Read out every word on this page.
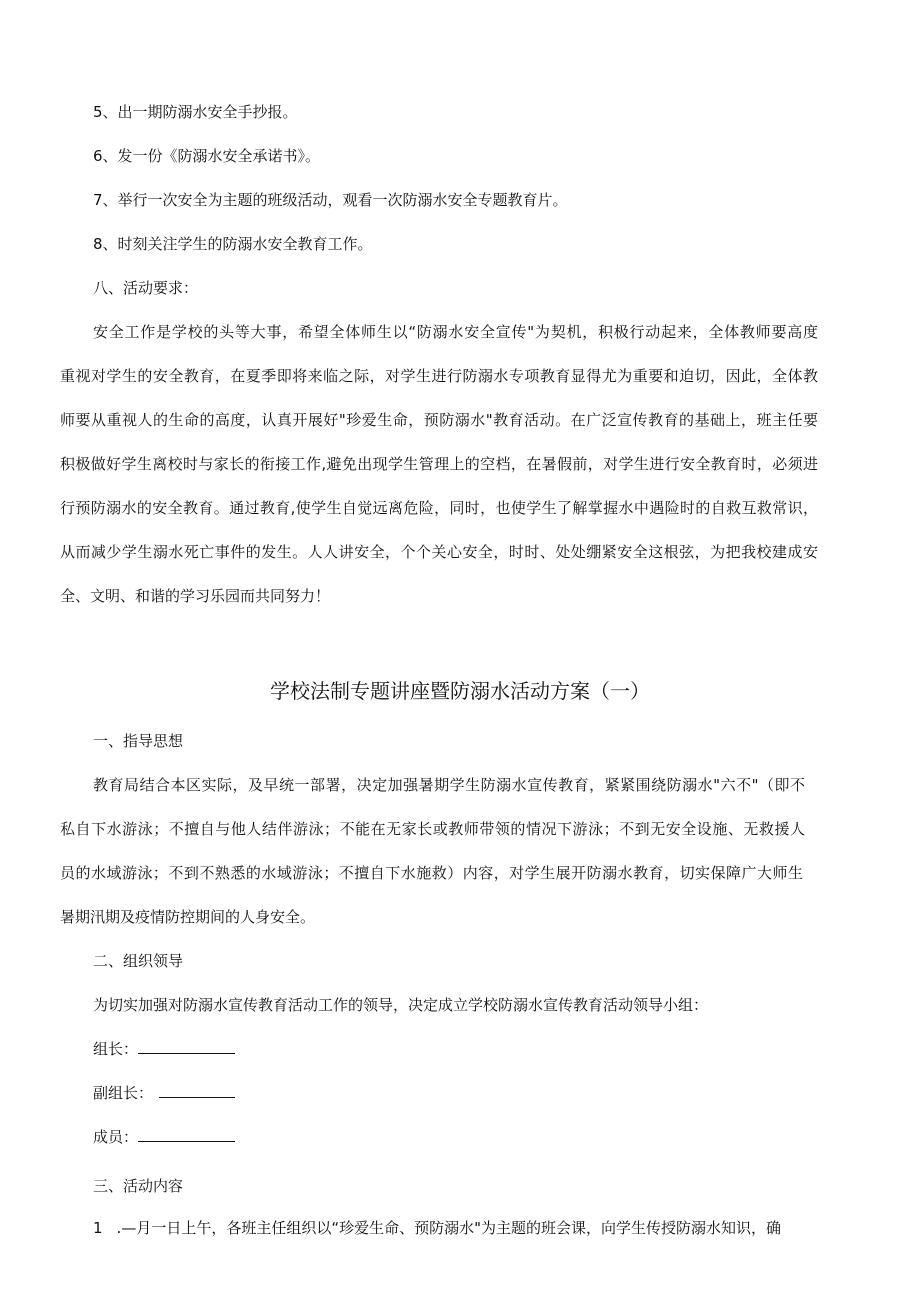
5、出一期防溺水安全手抄报。
6、发一份《防溺水安全承诺书》。
7、举行一次安全为主题的班级活动，观看一次防溺水安全专题教育片。
8、时刻关注学生的防溺水安全教育工作。
八、活动要求：
安全工作是学校的头等大事，希望全体师生以“防溺水安全宣传"为契机，积极行动起来，全体教师要高度
重视对学生的安全教育，在夏季即将来临之际，对学生进行防溺水专项教育显得尤为重要和迫切，因此，全体教
师要从重视人的生命的高度，认真开展好"珍爱生命，预防溺水"教育活动。在广泛宣传教育的基础上，班主任要
积极做好学生离校时与家长的衔接工作,避免出现学生管理上的空档，在暑假前，对学生进行安全教育时，必须进
行预防溺水的安全教育。通过教育,使学生自觉远离危险，同时，也使学生了解掌握水中遇险时的自救互救常识，
从而减少学生溺水死亡事件的发生。人人讲安全，个个关心安全，时时、处处绷紧安全这根弦，为把我校建成安
全、文明、和谐的学习乐园而共同努力！
学校法制专题讲座暨防溺水活动方案（一）
一、指导思想
教育局结合本区实际，及早统一部署，决定加强暑期学生防溺水宣传教育，紧紧围绕防溺水"六不"（即不
私自下水游泳；不擅自与他人结伴游泳；不能在无家长或教师带领的情况下游泳；不到无安全设施、无救援人
员的水域游泳；不到不熟悉的水域游泳；不擅自下水施救）内容，对学生展开防溺水教育，切实保障广大师生
暑期汛期及疫情防控期间的人身安全。
二、组织领导
为切实加强对防溺水宣传教育活动工作的领导，决定成立学校防溺水宣传教育活动领导小组：
组长：
副组长：
成员：
三、活动内容
1 .—月一日上午，各班主任组织以“珍爱生命、预防溺水"为主题的班会课，向学生传授防溺水知识，确
